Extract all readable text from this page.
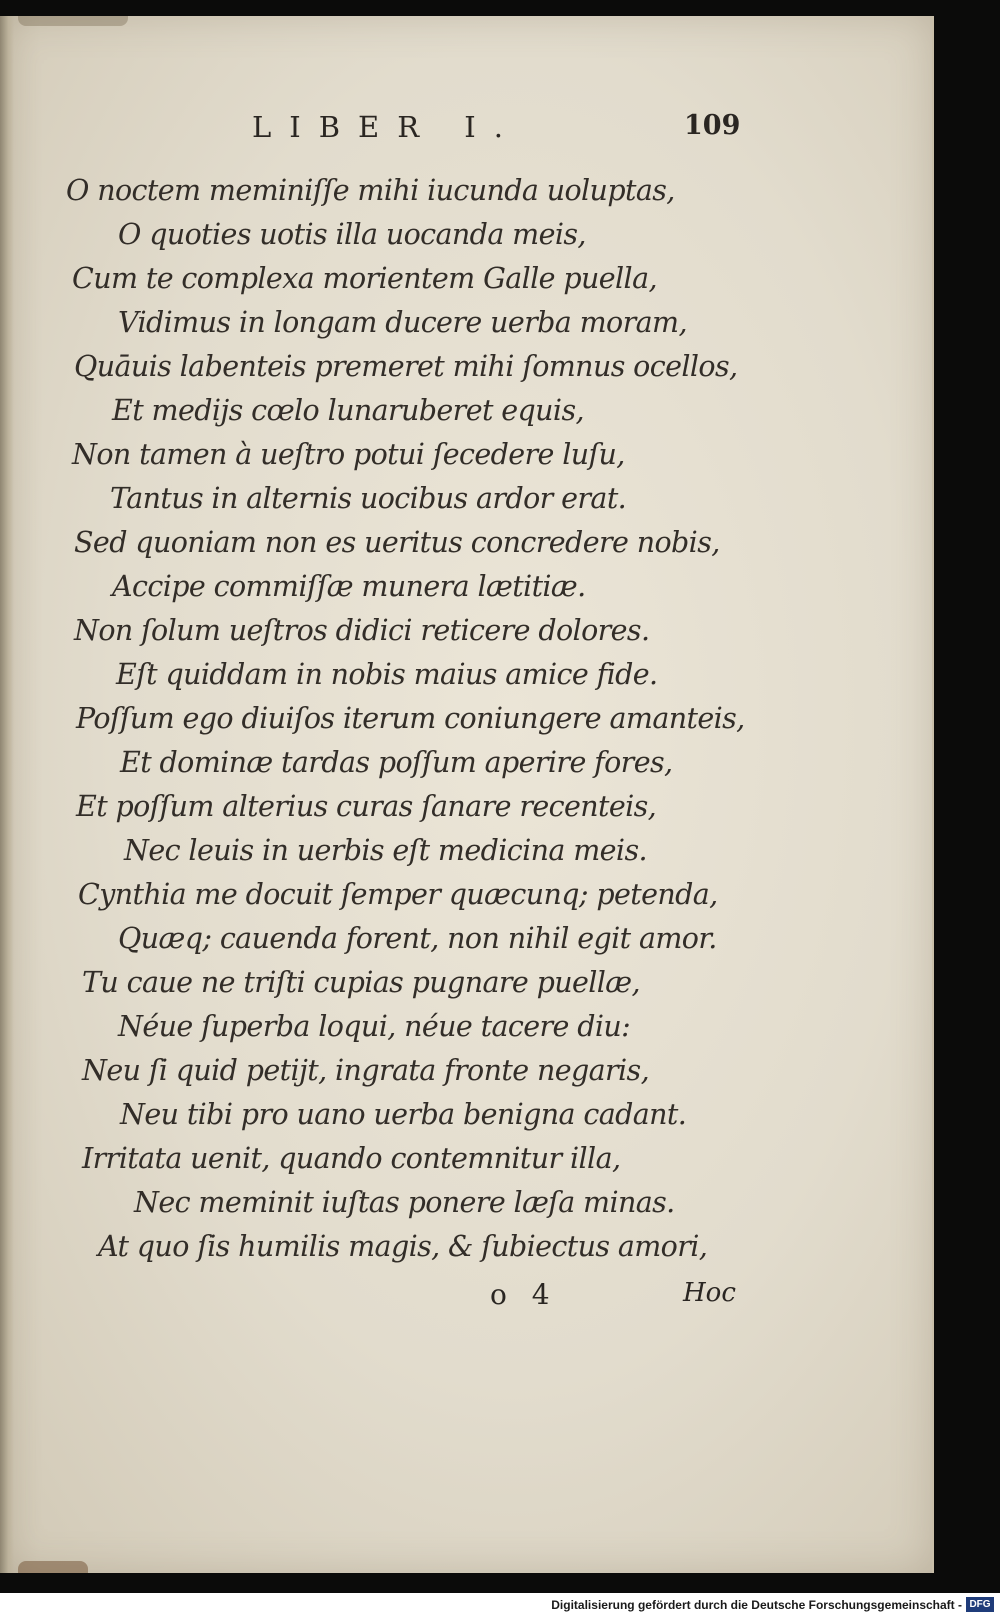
LIBER I.	109
O noctem meminiſſe mihi iucunda uoluptas,
O quoties uotis illa uocanda meis,
Cum te complexa morientem Galle puella,
Vidimus in longam ducere uerba moram,
Quāuis labenteis premeret mihi ſomnus ocellos,
Et medijs cœlo lunaruberet equis,
Non tamen à ueſtro potui ſecedere luſu,
Tantus in alternis uocibus ardor erat.
Sed quoniam non es ueritus concredere nobis,
Accipe commiſſæ munera lætitiæ.
Non ſolum ueſtros didici reticere dolores.
Eſt quiddam in nobis maius amice fide.
Poſſum ego diuiſos iterum coniungere amanteis,
Et dominæ tardas poſſum aperire fores,
Et poſſum alterius curas ſanare recenteis,
Nec leuis in uerbis eſt medicina meis.
Cynthia me docuit ſemper quæcunq; petenda,
Quæq; cauenda forent, non nihil egit amor.
Tu caue ne triſti cupias pugnare puellæ,
Néue ſuperba loqui, néue tacere diu:
Neu ſi quid petijt, ingrata fronte negaris,
Neu tibi pro uano uerba benigna cadant.
Irritata uenit, quando contemnitur illa,
Nec meminit iuſtas ponere læſa minas.
At quo ſis humilis magis, & ſubiectus amori,
o 4	Hoc
Digitalisierung gefördert durch die Deutsche Forschungsgemeinschaft - DFG
